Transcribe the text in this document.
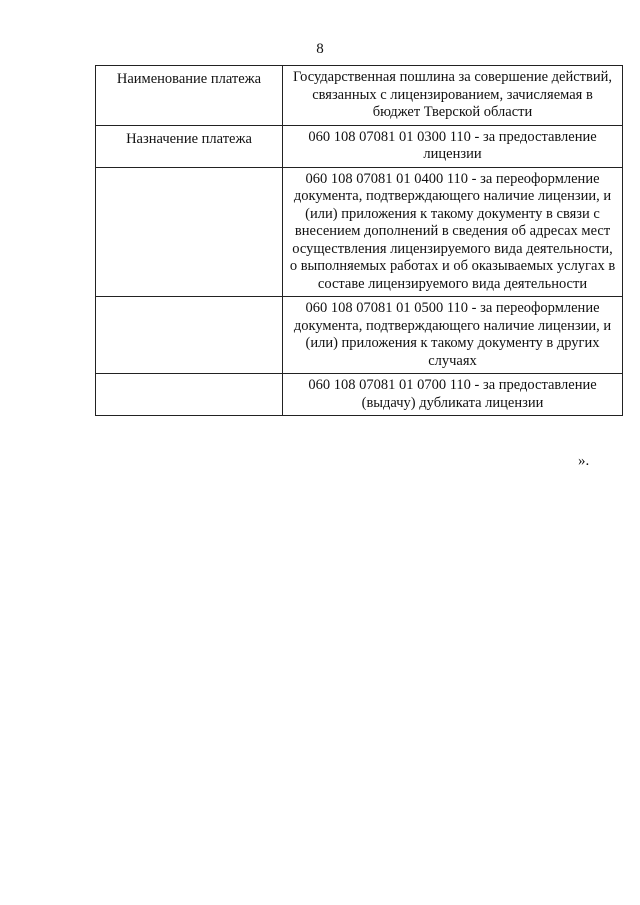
8
Наименование платежа	Государственная пошлина за совершение действий, связанных с лицензированием, зачисляемая в бюджет Тверской области
Назначение платежа	060 108 07081 01 0300 110 - за предоставление лицензии
	060 108 07081 01 0400 110 - за переоформление документа, подтверждающего наличие лицензии, и (или) приложения к такому документу в связи с внесением дополнений в сведения об адресах мест осуществления лицензируемого вида деятельности, о выполняемых работах и об оказываемых услугах в составе лицензируемого вида деятельности
	060 108 07081 01 0500 110 - за переоформление документа, подтверждающего наличие лицензии, и (или) приложения к такому документу в других случаях
	060 108 07081 01 0700 110 - за предоставление (выдачу) дубликата лицензии
».
